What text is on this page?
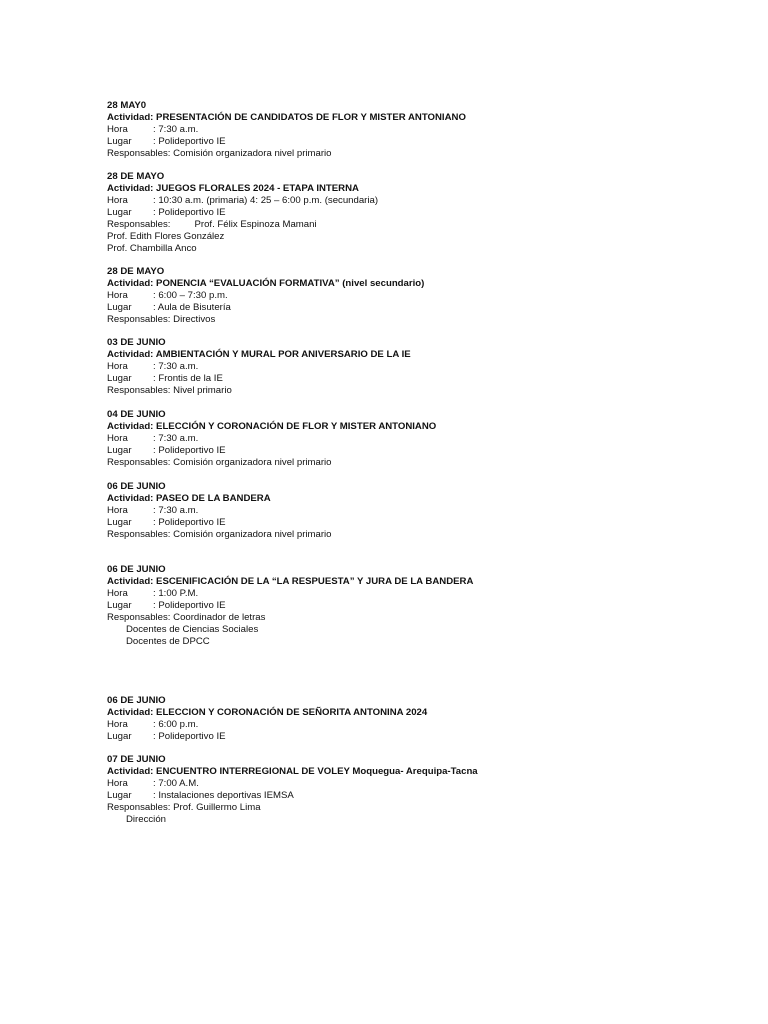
28 MAY0
Actividad: PRESENTACIÓN DE CANDIDATOS DE FLOR Y MISTER ANTONIANO
Hora	: 7:30 a.m.
Lugar : Polideportivo IE
Responsables: Comisión organizadora nivel primario
28 DE MAYO
Actividad: JUEGOS FLORALES 2024 - ETAPA INTERNA
Hora	: 10:30 a.m. (primaria) 4: 25 – 6:00 p.m. (secundaria)
Lugar : Polideportivo IE
Responsables:	Prof. Félix Espinoza Mamani
Prof. Edith Flores González
Prof. Chambilla Anco
28 DE MAYO
Actividad: PONENCIA “EVALUACIÓN FORMATIVA” (nivel secundario)
Hora	: 6:00 – 7:30 p.m.
Lugar : Aula de Bisutería
Responsables: Directivos
03 DE JUNIO
Actividad: AMBIENTACIÓN Y MURAL POR ANIVERSARIO DE LA IE
Hora	: 7:30 a.m.
Lugar : Frontis de la IE
Responsables: Nivel primario
04 DE JUNIO
Actividad: ELECCIÓN Y CORONACIÓN DE FLOR Y MISTER ANTONIANO
Hora	: 7:30 a.m.
Lugar : Polideportivo IE
Responsables: Comisión organizadora nivel primario
06 DE JUNIO
Actividad: PASEO DE LA BANDERA
Hora	: 7:30 a.m.
Lugar : Polideportivo IE
Responsables: Comisión organizadora nivel primario
06 DE JUNIO
Actividad: ESCENIFICACIÓN DE LA “LA RESPUESTA” Y JURA DE LA BANDERA
Hora	: 1:00 P.M.
Lugar : Polideportivo IE
Responsables: Coordinador de letras
Docentes de Ciencias Sociales
Docentes de DPCC
06 DE JUNIO
Actividad: ELECCION Y CORONACIÓN DE SEÑORITA ANTONINA 2024
Hora	: 6:00 p.m.
Lugar : Polideportivo IE
07 DE JUNIO
Actividad: ENCUENTRO INTERREGIONAL DE VOLEY Moquegua- Arequipa-Tacna
Hora	: 7:00 A.M.
Lugar : Instalaciones deportivas IEMSA
Responsables: Prof. Guillermo Lima
Dirección
